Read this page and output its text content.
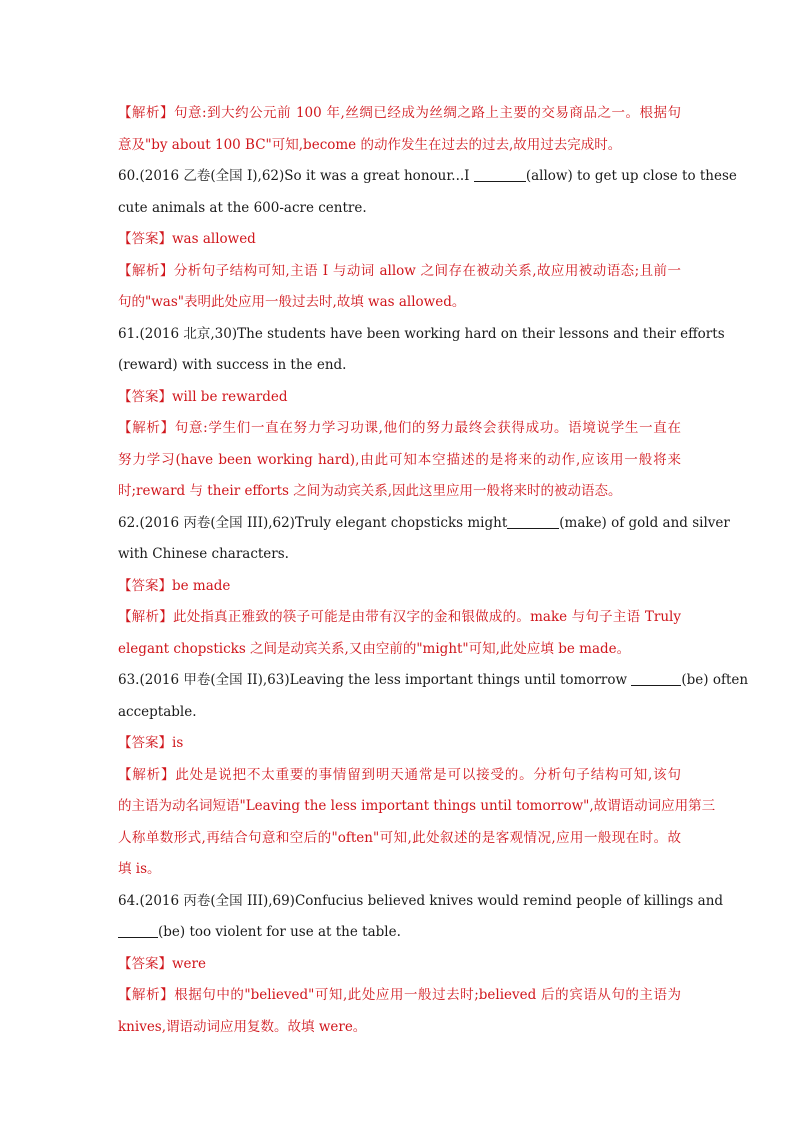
【解析】句意:到大约公元前 100 年,丝绸已经成为丝绸之路上主要的交易商品之一。根据句
意及"by about 100 BC"可知,become 的动作发生在过去的过去,故用过去完成时。
60.(2016 乙卷(全国 I),62)So it was a great honour...I	(allow) to get up close to these
cute animals at the 600-acre centre.
【答案】was allowed
【解析】分析句子结构可知,主语 I 与动词 allow 之间存在被动关系,故应用被动语态;且前一
句的"was"表明此处应用一般过去时,故填 was allowed。
61.(2016 北京,30)The students have been working hard on their lessons and their efforts
(reward) with success in the end.
【答案】will be rewarded
【解析】句意:学生们一直在努力学习功课,他们的努力最终会获得成功。语境说学生一直在
努力学习(have been working hard),由此可知本空描述的是将来的动作,应该用一般将来
时;reward 与 their efforts 之间为动宾关系,因此这里应用一般将来时的被动语态。
62.(2016 丙卷(全国 III),62)Truly elegant chopsticks might	(make) of gold and silver
with Chinese characters.
【答案】be made
【解析】此处指真正雅致的筷子可能是由带有汉字的金和银做成的。make 与句子主语 Truly
elegant chopsticks 之间是动宾关系,又由空前的"might"可知,此处应填 be made。
63.(2016 甲卷(全国 II),63)Leaving the less important things until tomorrow	(be) often
acceptable.
【答案】is
【解析】此处是说把不太重要的事情留到明天通常是可以接受的。分析句子结构可知,该句
的主语为动名词短语"Leaving the less important things until tomorrow",故谓语动词应用第三
人称单数形式,再结合句意和空后的"often"可知,此处叙述的是客观情况,应用一般现在时。故
填 is。
64.(2016 丙卷(全国 III),69)Confucius believed knives would remind people of killings and
(be) too violent for use at the table.
【答案】were
【解析】根据句中的"believed"可知,此处应用一般过去时;believed 后的宾语从句的主语为
knives,谓语动词应用复数。故填 were。
